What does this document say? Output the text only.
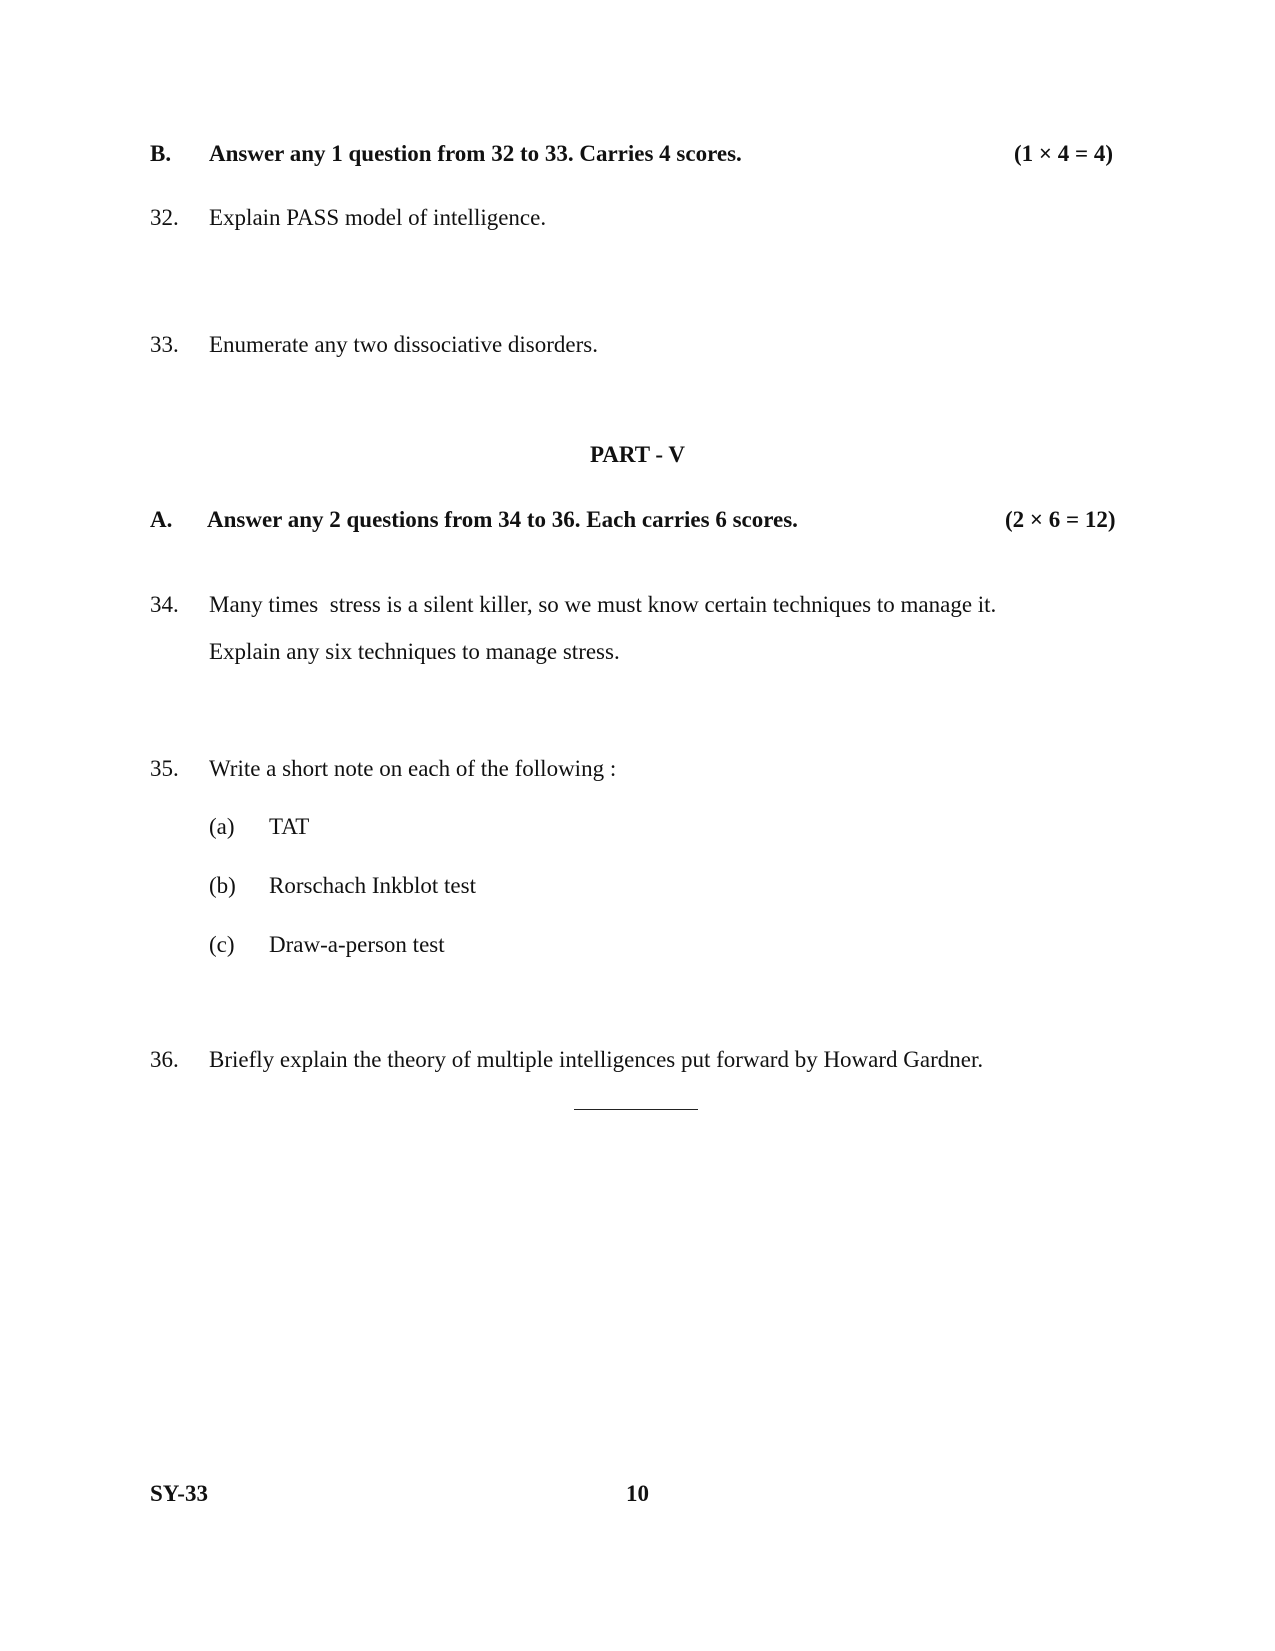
B. Answer any 1 question from 32 to 33. Carries 4 scores.	(1 × 4 = 4)
32. Explain PASS model of intelligence.
33. Enumerate any two dissociative disorders.
PART - V
A. Answer any 2 questions from 34 to 36. Each carries 6 scores.	(2 × 6 = 12)
34. Many times  stress is a silent killer, so we must know certain techniques to manage it.
Explain any six techniques to manage stress.
35. Write a short note on each of the following :
(a) TAT
(b) Rorschach Inkblot test
(c) Draw-a-person test
36. Briefly explain the theory of multiple intelligences put forward by Howard Gardner.
SY-33	10
